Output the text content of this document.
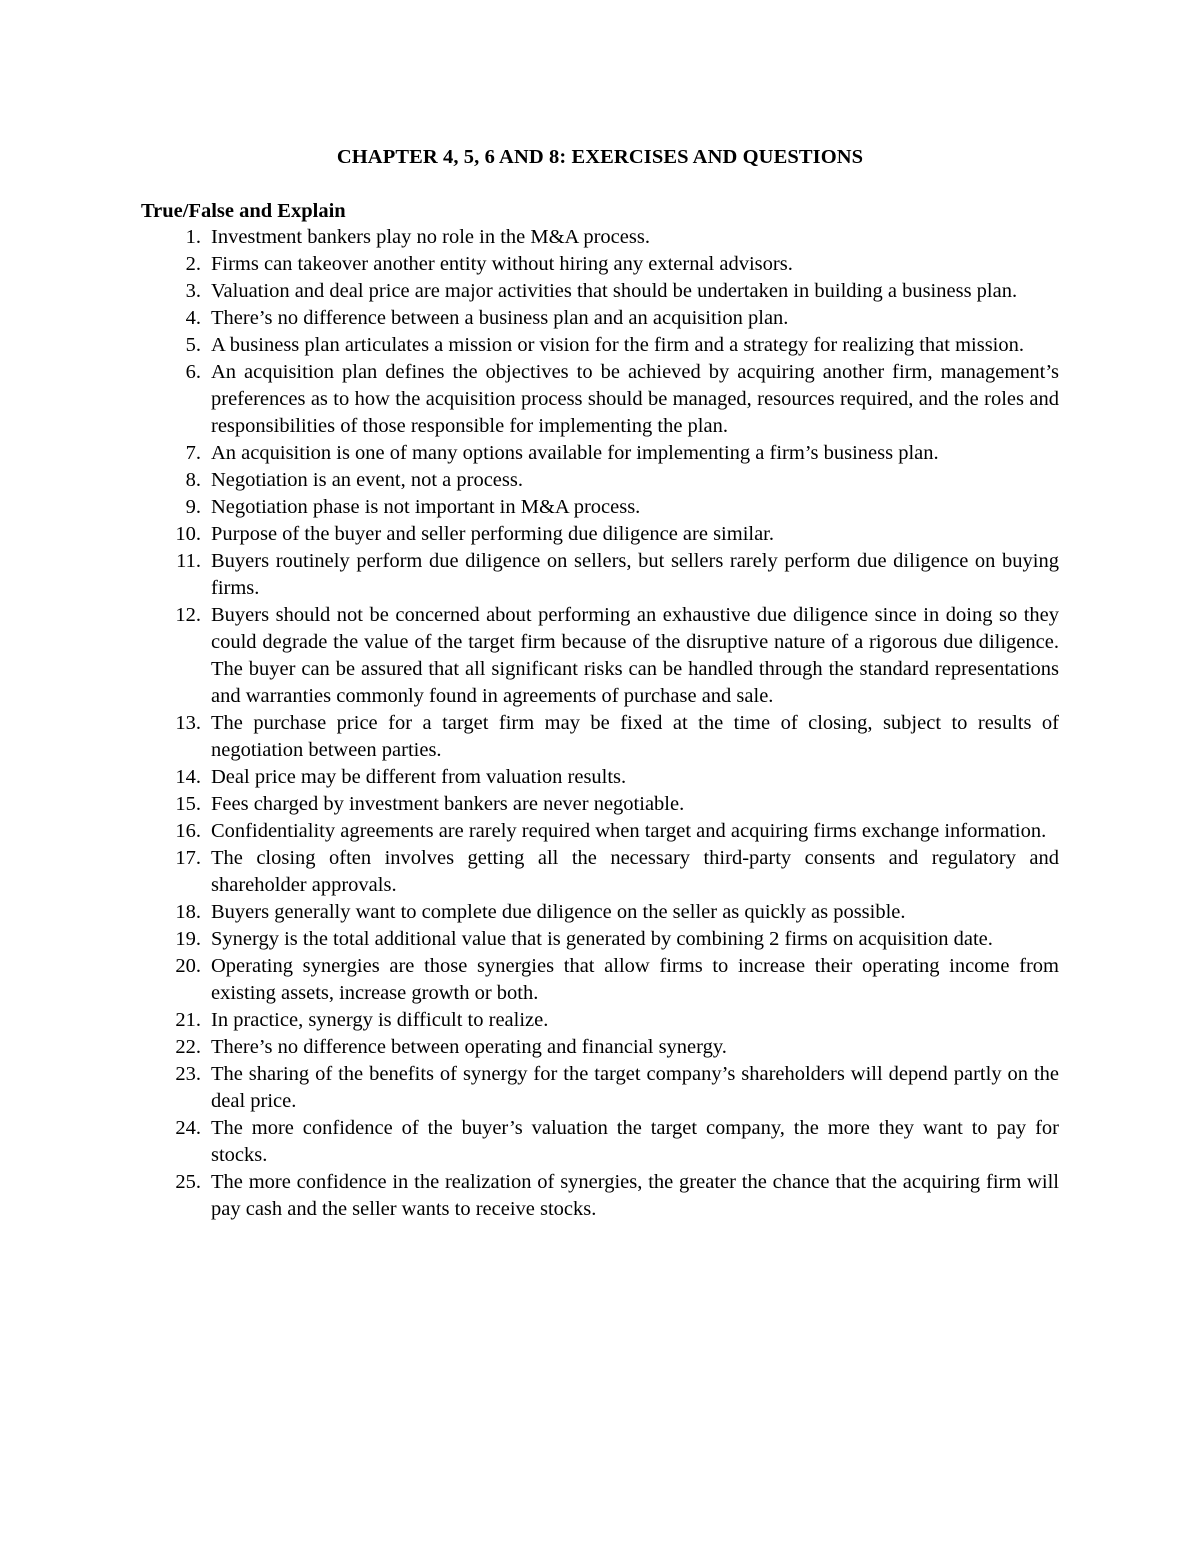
CHAPTER 4, 5, 6 AND 8: EXERCISES AND QUESTIONS
True/False and Explain
1. Investment bankers play no role in the M&A process.
2. Firms can takeover another entity without hiring any external advisors.
3. Valuation and deal price are major activities that should be undertaken in building a business plan.
4. There’s no difference between a business plan and an acquisition plan.
5. A business plan articulates a mission or vision for the firm and a strategy for realizing that mission.
6. An acquisition plan defines the objectives to be achieved by acquiring another firm, management’s preferences as to how the acquisition process should be managed, resources required, and the roles and responsibilities of those responsible for implementing the plan.
7. An acquisition is one of many options available for implementing a firm’s business plan.
8. Negotiation is an event, not a process.
9. Negotiation phase is not important in M&A process.
10. Purpose of the buyer and seller performing due diligence are similar.
11. Buyers routinely perform due diligence on sellers, but sellers rarely perform due diligence on buying firms.
12. Buyers should not be concerned about performing an exhaustive due diligence since in doing so they could degrade the value of the target firm because of the disruptive nature of a rigorous due diligence. The buyer can be assured that all significant risks can be handled through the standard representations and warranties commonly found in agreements of purchase and sale.
13. The purchase price for a target firm may be fixed at the time of closing, subject to results of negotiation between parties.
14. Deal price may be different from valuation results.
15. Fees charged by investment bankers are never negotiable.
16. Confidentiality agreements are rarely required when target and acquiring firms exchange information.
17. The closing often involves getting all the necessary third-party consents and regulatory and shareholder approvals.
18. Buyers generally want to complete due diligence on the seller as quickly as possible.
19. Synergy is the total additional value that is generated by combining 2 firms on acquisition date.
20. Operating synergies are those synergies that allow firms to increase their operating income from existing assets, increase growth or both.
21. In practice, synergy is difficult to realize.
22. There’s no difference between operating and financial synergy.
23. The sharing of the benefits of synergy for the target company’s shareholders will depend partly on the deal price.
24. The more confidence of the buyer’s valuation the target company, the more they want to pay for stocks.
25. The more confidence in the realization of synergies, the greater the chance that the acquiring firm will pay cash and the seller wants to receive stocks.
